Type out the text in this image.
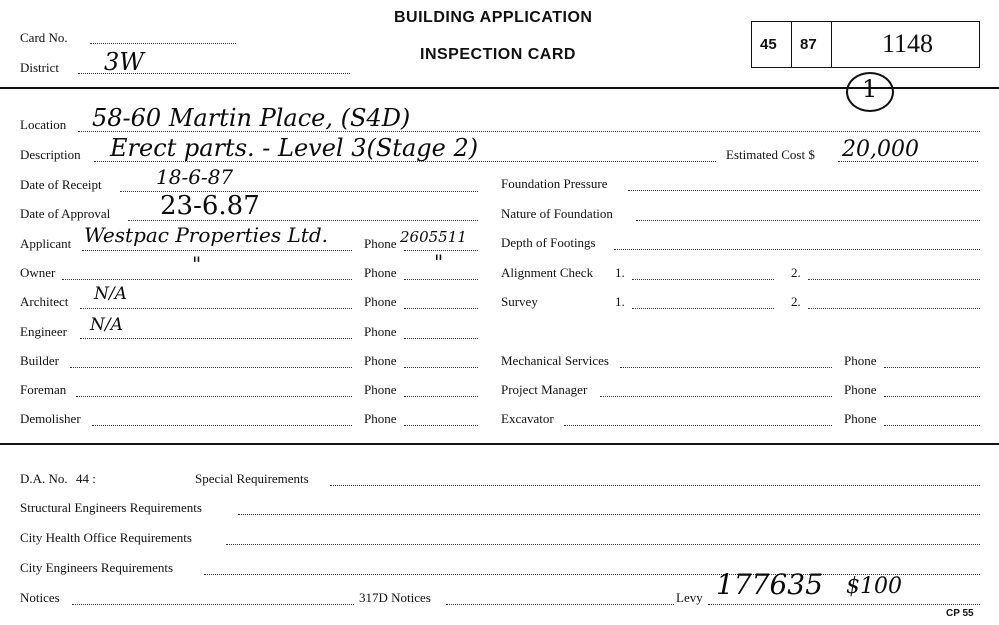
Card No.
District 3W
BUILDING APPLICATION
INSPECTION CARD
45 87	1148
1
Location 58-60 Martin Place, (S4D)
Description Erect parts. - Level 3(Stage 2)	Estimated Cost $ 20,000
Date of Receipt	18-6-87
Date of Approval 23-6.87
Applicant Westpac Properties Ltd.	Phone 2605511
Owner	"	Phone "
Architect N/A	Phone
Engineer N/A	Phone
Builder	Phone
Foreman	Phone
Demolisher	Phone
Foundation Pressure
Nature of Foundation
Depth of Footings
Alignment Check 1.	2.
Survey	1.	2.
Mechanical Services	Phone
Project Manager	Phone
Excavator	Phone
D.A. No. 44 :	Special Requirements
Structural Engineers Requirements
City Health Office Requirements
City Engineers Requirements
Notices	317D Notices	Levy 177635 $100
CP 55
